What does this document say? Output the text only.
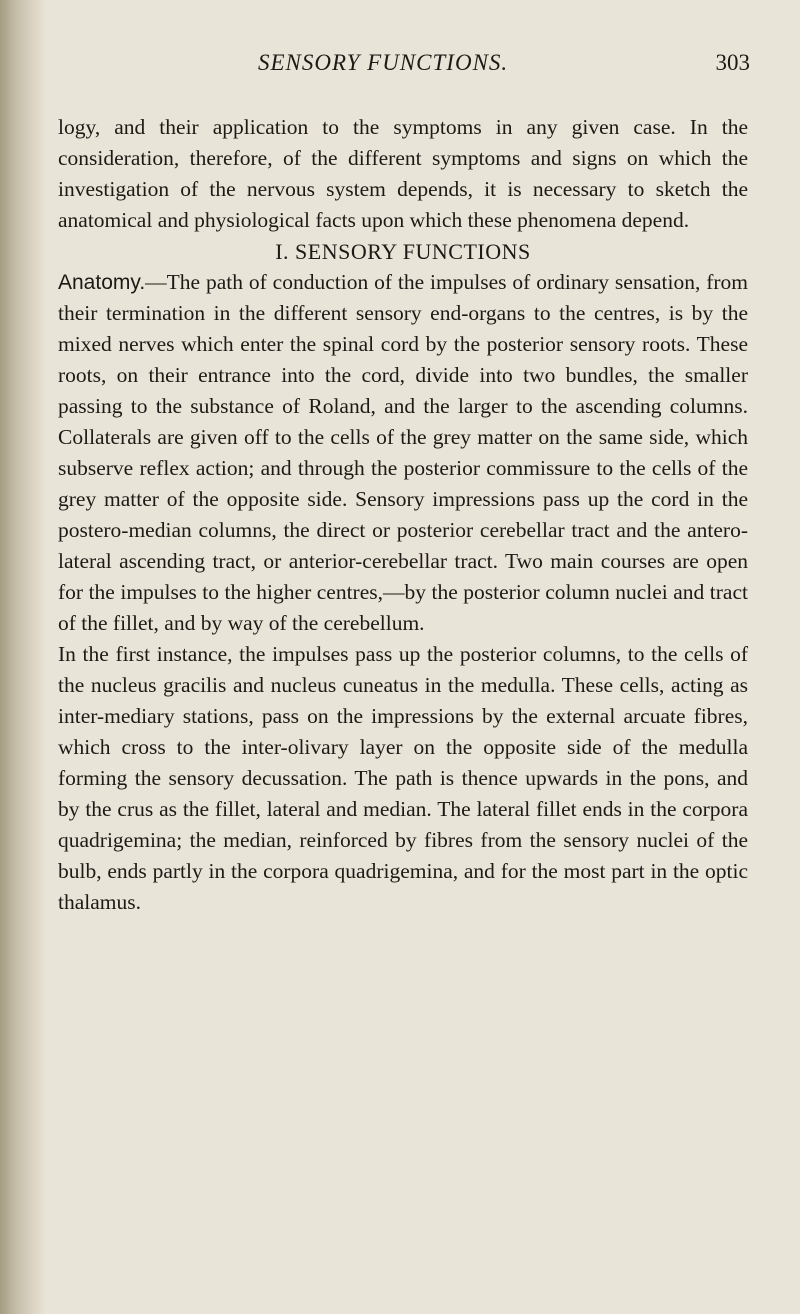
SENSORY FUNCTIONS.	303

logy, and their application to the symptoms in any given case. In the consideration, therefore, of the different symptoms and signs on which the investigation of the nervous system depends, it is necessary to sketch the anatomical and physiological facts upon which these phenomena depend.

I. SENSORY FUNCTIONS

Anatomy.—The path of conduction of the impulses of ordinary sensation, from their termination in the different sensory end-organs to the centres, is by the mixed nerves which enter the spinal cord by the posterior sensory roots. These roots, on their entrance into the cord, divide into two bundles, the smaller passing to the substance of Roland, and the larger to the ascending columns. Collaterals are given off to the cells of the grey matter on the same side, which subserve reflex action; and through the posterior commissure to the cells of the grey matter of the opposite side. Sensory impressions pass up the cord in the postero-median columns, the direct or posterior cerebellar tract and the antero-lateral ascending tract, or anterior-cerebellar tract. Two main courses are open for the impulses to the higher centres,—by the posterior column nuclei and tract of the fillet, and by way of the cerebellum.

In the first instance, the impulses pass up the posterior columns, to the cells of the nucleus gracilis and nucleus cuneatus in the medulla. These cells, acting as inter-mediary stations, pass on the impressions by the external arcuate fibres, which cross to the inter-olivary layer on the opposite side of the medulla forming the sensory decussation. The path is thence upwards in the pons, and by the crus as the fillet, lateral and median. The lateral fillet ends in the corpora quadrigemina; the median, reinforced by fibres from the sensory nuclei of the bulb, ends partly in the corpora quadrigemina, and for the most part in the optic thalamus.
